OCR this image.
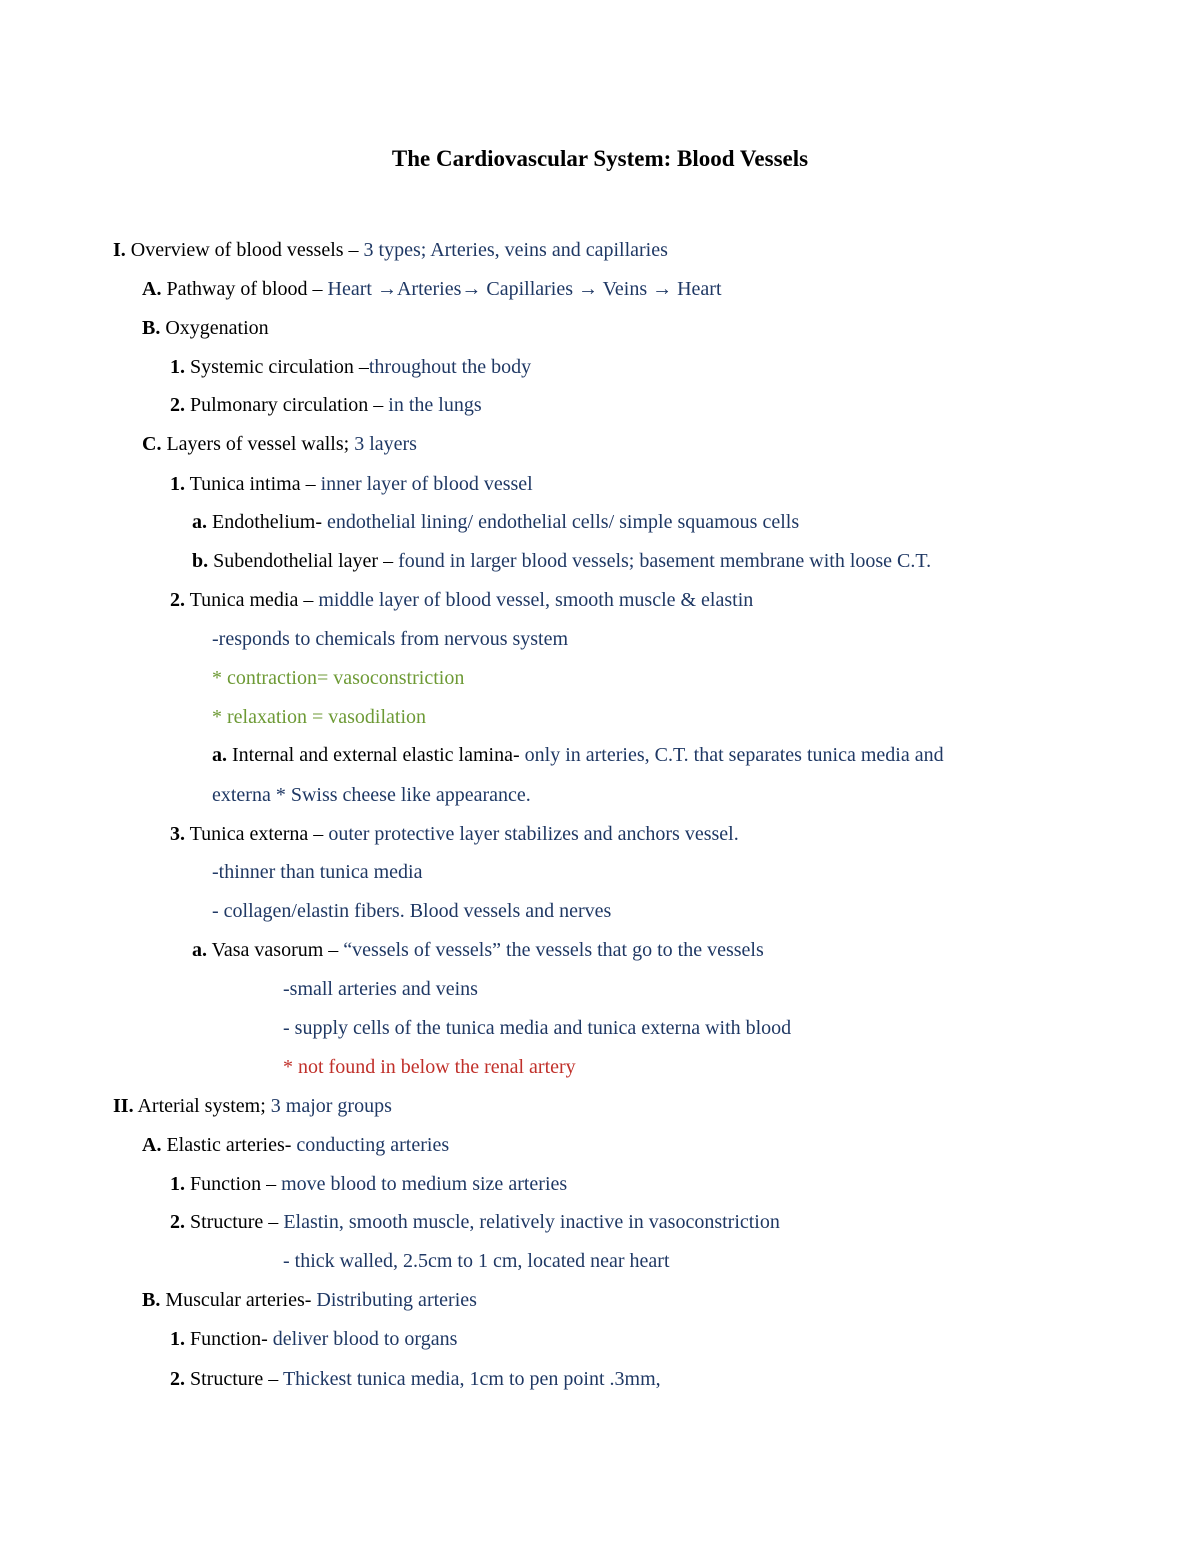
The Cardiovascular System: Blood Vessels
I. Overview of blood vessels – 3 types; Arteries, veins and capillaries
A. Pathway of blood – Heart →Arteries→ Capillaries → Veins → Heart
B. Oxygenation
1. Systemic circulation –throughout the body
2. Pulmonary circulation – in the lungs
C. Layers of vessel walls; 3 layers
1. Tunica intima – inner layer of blood vessel
a. Endothelium- endothelial lining/ endothelial cells/ simple squamous cells
b. Subendothelial layer – found in larger blood vessels; basement membrane with loose C.T.
2. Tunica media – middle layer of blood vessel, smooth muscle & elastin
-responds to chemicals from nervous system
* contraction= vasoconstriction
* relaxation = vasodilation
a. Internal and external elastic lamina- only in arteries, C.T. that separates tunica media and
externa * Swiss cheese like appearance.
3. Tunica externa – outer protective layer stabilizes and anchors vessel.
-thinner than tunica media
- collagen/elastin fibers. Blood vessels and nerves
a. Vasa vasorum – “vessels of vessels” the vessels that go to the vessels
-small arteries and veins
- supply cells of the tunica media and tunica externa with blood
* not found in below the renal artery
II. Arterial system; 3 major groups
A. Elastic arteries- conducting arteries
1. Function – move blood to medium size arteries
2. Structure – Elastin, smooth muscle, relatively inactive in vasoconstriction
- thick walled, 2.5cm to 1 cm, located near heart
B. Muscular arteries- Distributing arteries
1. Function- deliver blood to organs
2. Structure – Thickest tunica media, 1cm to pen point .3mm,
